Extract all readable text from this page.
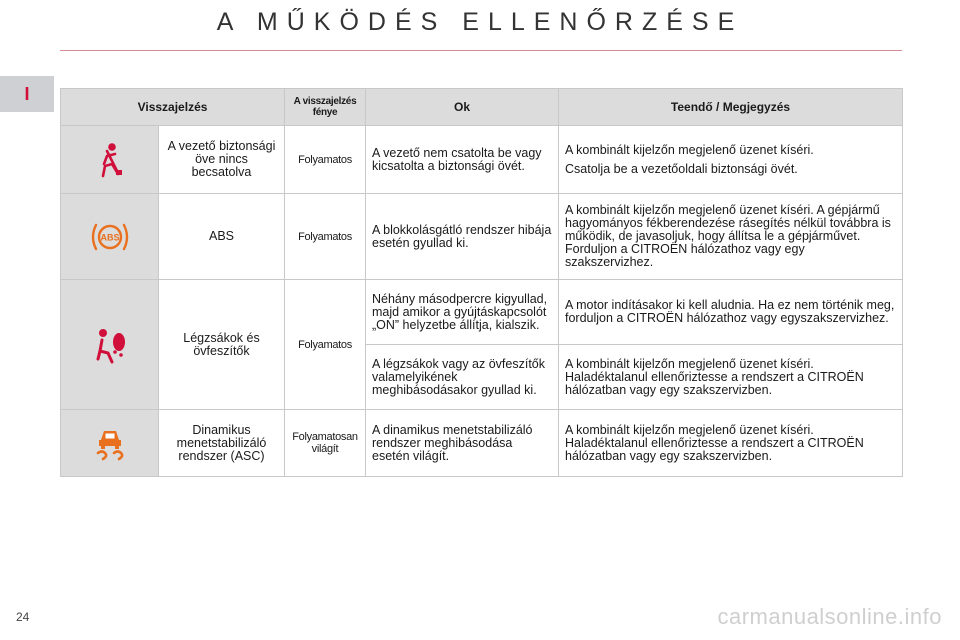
A MŰKÖDÉS ELLENŐRZÉSE
I
Visszajelzés		A visszajelzés fénye	Ok	Teendő / Megjegyzés

	A vezető biztonsági öve nincs becsatolva	Folyamatos	A vezető nem csatolta be vagy kicsatolta a biztonsági övét.	A kombinált kijelzőn megjelenő üzenet kíséri.

Csatolja be a vezetőoldali biztonsági övét.

ABS	ABS	Folyamatos	A blokkolásgátló rendszer hibája esetén gyullad ki.	A kombinált kijelzőn megjelenő üzenet kíséri. A gépjármű hagyományos fékberendezése rásegítés nélkül továbbra is működik, de javasoljuk, hogy állítsa le a gépjárművet. Forduljon a CITROËN hálózathoz vagy egy szakszervizhez.

	Légzsákok és övfeszítők	Folyamatos	Néhány másodpercre kigyullad, majd amikor a gyújtáskapcsolót „ON” helyzetbe állítja, kialszik.	A motor indításakor ki kell aludnia. Ha ez nem történik meg, forduljon a CITROËN hálózathoz vagy egyszakszervizhez.
			A légzsákok vagy az övfeszítők valamelyikének meghibásodásakor gyullad ki.	A kombinált kijelzőn megjelenő üzenet kíséri. Haladéktalanul ellenőriztesse a rendszert a CITROËN hálózatban vagy egy szakszervizben.

	Dinamikus menetstabilizáló rendszer (ASC)	Folyamatosan világít	A dinamikus menetstabilizáló rendszer meghibásodása esetén világít.	A kombinált kijelzőn megjelenő üzenet kíséri. Haladéktalanul ellenőriztesse a rendszert a CITROËN hálózatban vagy egy szakszervizben.
24	carmanualsonline.info
